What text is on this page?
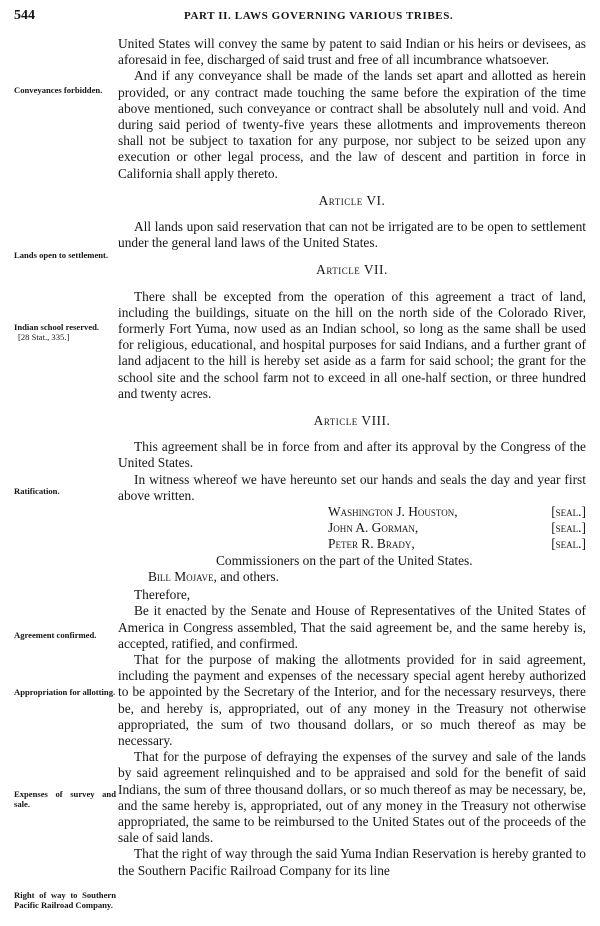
544	PART II. LAWS GOVERNING VARIOUS TRIBES.
Conveyances forbidden.
Lands open to settlement.
Indian school reserved.
[28 Stat., 335.]
Ratification.
Agreement confirmed.
Appropriation for allotting.
Expenses of survey and sale.
Right of way to Southern Pacific Railroad Company.

United States will convey the same by patent to said Indian or his heirs or devisees, as aforesaid in fee, discharged of said trust and free of all incumbrance whatsoever.

And if any conveyance shall be made of the lands set apart and allotted as herein provided, or any contract made touching the same before the expiration of the time above mentioned, such conveyance or contract shall be absolutely null and void. And during said period of twenty-five years these allotments and improvements thereon shall not be subject to taxation for any purpose, nor subject to be seized upon any execution or other legal process, and the law of descent and partition in force in California shall apply thereto.

Article VI.

All lands upon said reservation that can not be irrigated are to be open to settlement under the general land laws of the United States.

Article VII.

There shall be excepted from the operation of this agreement a tract of land, including the buildings, situate on the hill on the north side of the Colorado River, formerly Fort Yuma, now used as an Indian school, so long as the same shall be used for religious, educational, and hospital purposes for said Indians, and a further grant of land adjacent to the hill is hereby set aside as a farm for said school; the grant for the school site and the school farm not to exceed in all one-half section, or three hundred and twenty acres.

Article VIII.

This agreement shall be in force from and after its approval by the Congress of the United States.

In witness whereof we have hereunto set our hands and seals the day and year first above written.

Washington J. Houston,	[seal.]
John A. Gorman,	[seal.]
Peter R. Brady,	[seal.]
Commissioners on the part of the United States.
Bill Mojave, and others.

Therefore,

Be it enacted by the Senate and House of Representatives of the United States of America in Congress assembled, That the said agreement be, and the same hereby is, accepted, ratified, and confirmed.

That for the purpose of making the allotments provided for in said agreement, including the payment and expenses of the necessary special agent hereby authorized to be appointed by the Secretary of the Interior, and for the necessary resurveys, there be, and hereby is, appropriated, out of any money in the Treasury not otherwise appropriated, the sum of two thousand dollars, or so much thereof as may be necessary.

That for the purpose of defraying the expenses of the survey and sale of the lands by said agreement relinquished and to be appraised and sold for the benefit of said Indians, the sum of three thousand dollars, or so much thereof as may be necessary, be, and the same hereby is, appropriated, out of any money in the Treasury not otherwise appropriated, the same to be reimbursed to the United States out of the proceeds of the sale of said lands.

That the right of way through the said Yuma Indian Reservation is hereby granted to the Southern Pacific Railroad Company for its line
